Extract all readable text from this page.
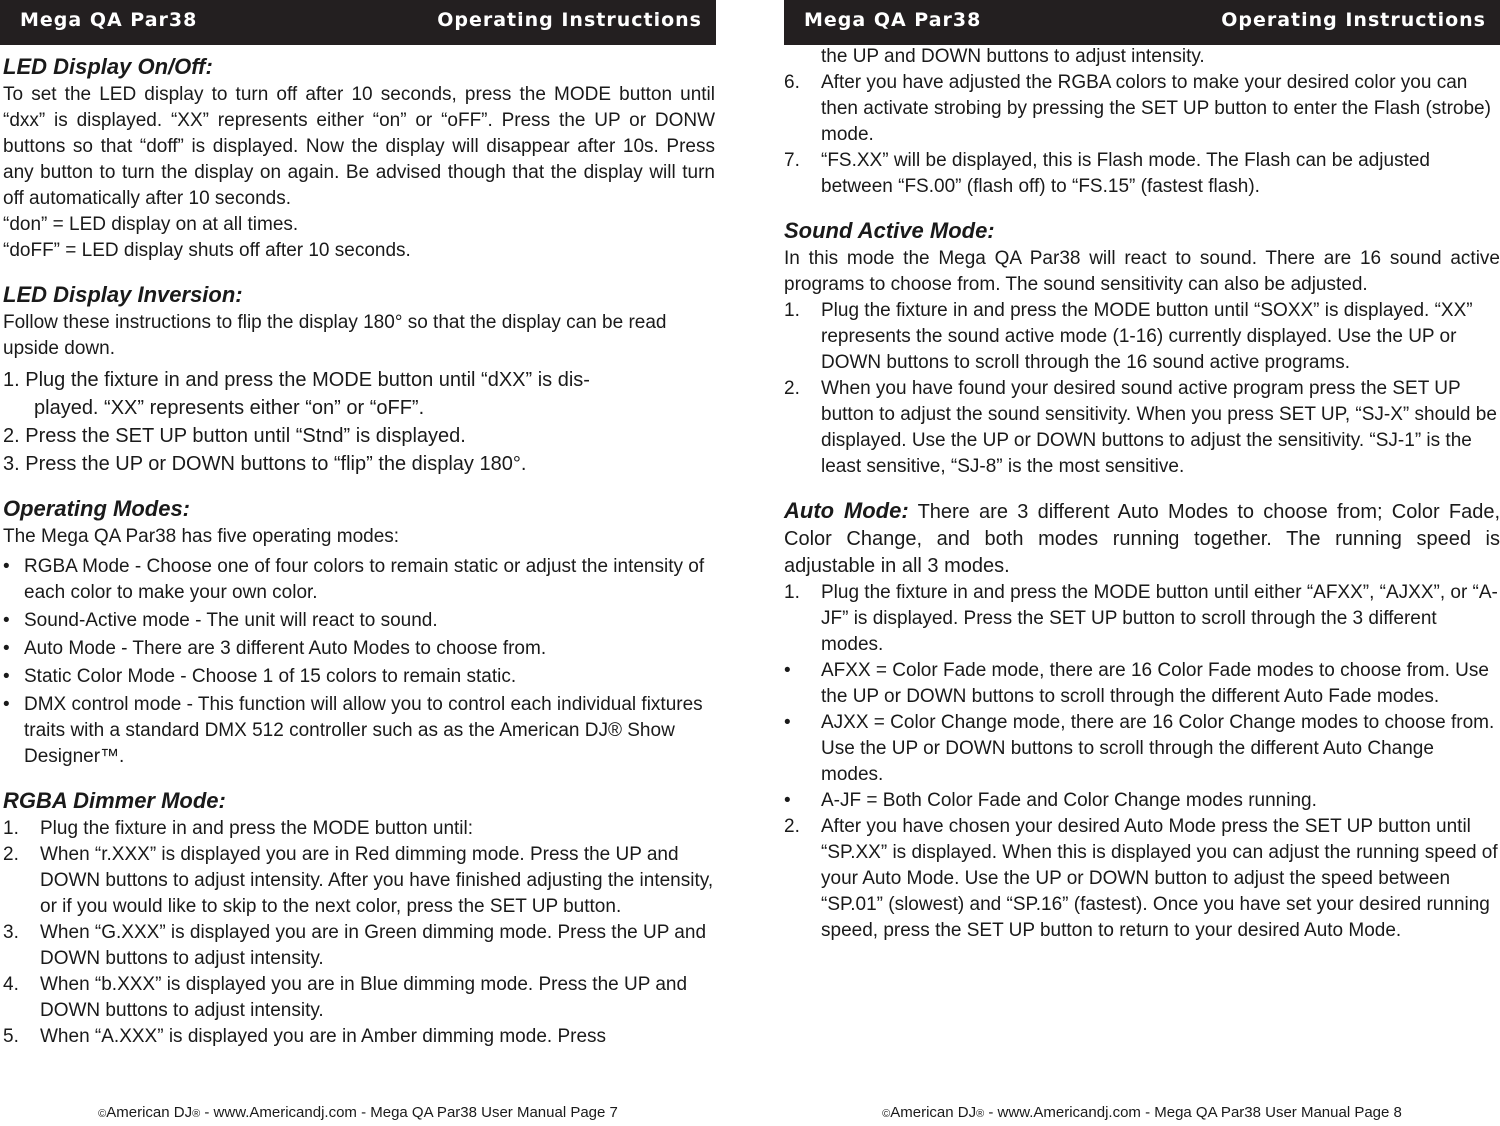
Mega QA Par38	Operating Instructions
LED Display On/Off:

To set the LED display to turn off after 10 seconds, press the MODE button until “dxx” is displayed. “XX” represents either “on” or “oFF”. Press the UP or DONW buttons so that “doff” is displayed. Now the display will disappear after 10s. Press any button to turn the display on again. Be advised though that the display will turn off automatically after 10 seconds.

“don” = LED display on at all times.

“doFF” = LED display shuts off after 10 seconds.

LED Display Inversion:

Follow these instructions to flip the display 180° so that the display can be read upside down.

1. Plug the fixture in and press the MODE button until “dXX” is dis-

played. “XX” represents either “on” or “oFF”.

2. Press the SET UP button until “Stnd” is displayed.

3. Press the UP or DOWN buttons to “flip” the display 180°.

Operating Modes:

The Mega QA Par38 has five operating modes:

• RGBA Mode - Choose one of four colors to remain static or adjust the intensity of each color to make your own color.
• Sound-Active mode - The unit will react to sound.
• Auto Mode - There are 3 different Auto Modes to choose from.
• Static Color Mode - Choose 1 of 15 colors to remain static.
• DMX control mode - This function will allow you to control each individual fixtures traits with a standard DMX 512 controller such as as the American DJ® Show Designer™.
RGBA Dimmer Mode:
1. Plug the fixture in and press the MODE button until:
2. When “r.XXX” is displayed you are in Red dimming mode. Press the UP and DOWN buttons to adjust intensity. After you have finished adjusting the intensity, or if you would like to skip to the next color, press the SET UP button.
3. When “G.XXX” is displayed you are in Green dimming mode. Press the UP and DOWN buttons to adjust intensity.
4. When “b.XXX” is displayed you are in Blue dimming mode. Press the UP and DOWN buttons to adjust intensity.
5. When “A.XXX” is displayed you are in Amber dimming mode. Press
©American DJ® - www.Americandj.com - Mega QA Par38 User Manual Page 7
Mega QA Par38	Operating Instructions

the UP and DOWN buttons to adjust intensity.

6. After you have adjusted the RGBA colors to make your desired color you can then activate strobing by pressing the SET UP button to enter the Flash (strobe) mode.
7. “FS.XX” will be displayed, this is Flash mode. The Flash can be adjusted between “FS.00” (flash off) to “FS.15” (fastest flash).
Sound Active Mode:

In this mode the Mega QA Par38 will react to sound. There are 16 sound active programs to choose from. The sound sensitivity can also be adjusted.

1. Plug the fixture in and press the MODE button until “SOXX” is displayed. “XX” represents the sound active mode (1-16) currently displayed. Use the UP or DOWN buttons to scroll through the 16 sound active programs.
2. When you have found your desired sound active program press the SET UP button to adjust the sound sensitivity. When you press SET UP, “SJ-X” should be displayed. Use the UP or DOWN buttons to adjust the sensitivity. “SJ-1” is the least sensitive, “SJ-8” is the most sensitive.

Auto Mode: There are 3 different Auto Modes to choose from; Color Fade, Color Change, and both modes running together. The running speed is adjustable in all 3 modes.

1. Plug the fixture in and press the MODE button until either “AFXX”, “AJXX”, or “A-JF” is displayed. Press the SET UP button to scroll through the 3 different modes.
• AFXX = Color Fade mode, there are 16 Color Fade modes to choose from. Use the UP or DOWN buttons to scroll through the different Auto Fade modes.
• AJXX = Color Change mode, there are 16 Color Change modes to choose from. Use the UP or DOWN buttons to scroll through the different Auto Change modes.
• A-JF = Both Color Fade and Color Change modes running.
2. After you have chosen your desired Auto Mode press the SET UP button until “SP.XX” is displayed. When this is displayed you can adjust the running speed of your Auto Mode. Use the UP or DOWN button to adjust the speed between “SP.01” (slowest) and “SP.16” (fastest). Once you have set your desired running speed, press the SET UP button to return to your desired Auto Mode.
©American DJ® - www.Americandj.com - Mega QA Par38 User Manual Page 8
